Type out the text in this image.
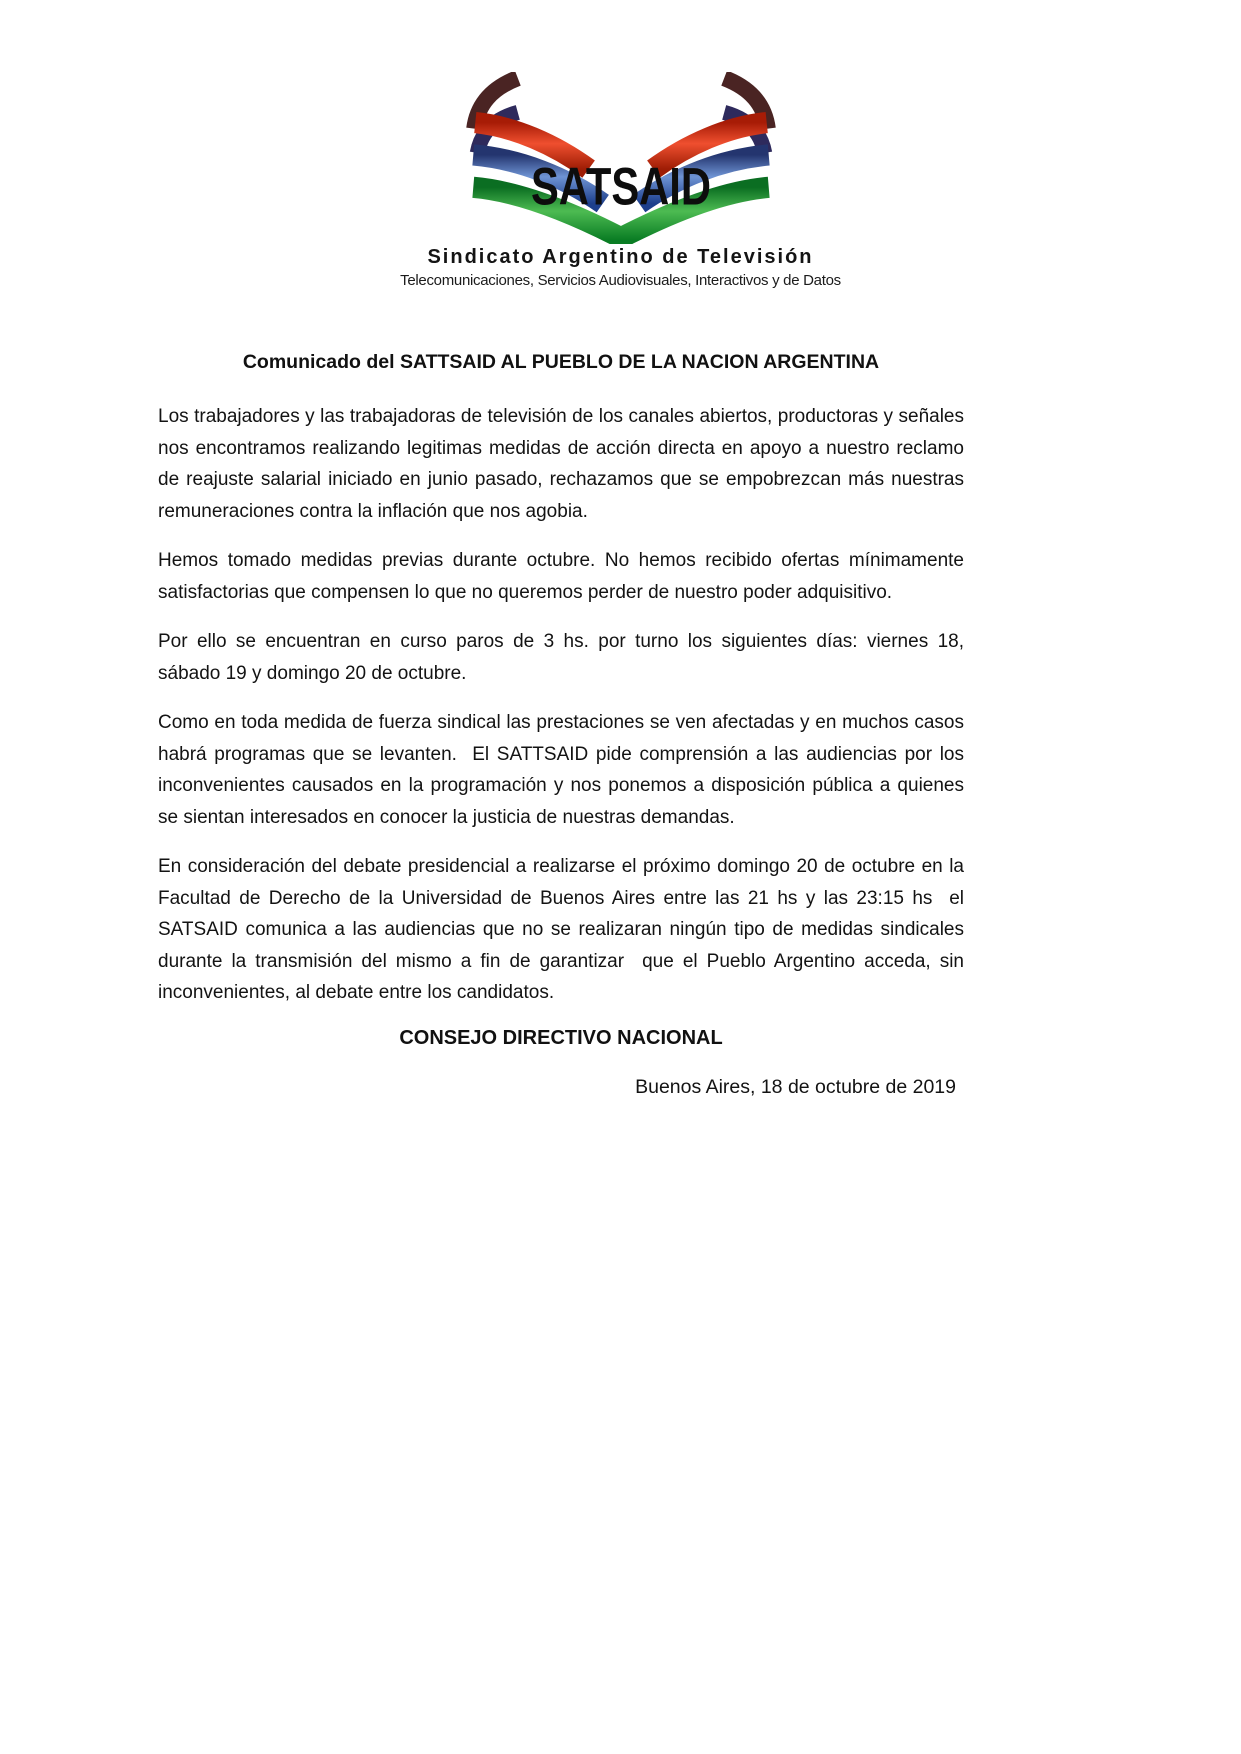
SATSAID
Sindicato Argentino de Televisión
Telecomunicaciones, Servicios Audiovisuales, Interactivos y de Datos
Comunicado del SATTSAID AL PUEBLO DE LA NACION ARGENTINA

Los trabajadores y las trabajadoras de televisión de los canales abiertos, productoras y señales nos encontramos realizando legitimas medidas de acción directa en apoyo a nuestro reclamo de reajuste salarial iniciado en junio pasado, rechazamos que se empobrezcan más nuestras remuneraciones contra la inflación que nos agobia.

Hemos tomado medidas previas durante octubre. No hemos recibido ofertas mínimamente satisfactorias que compensen lo que no queremos perder de nuestro poder adquisitivo.

Por ello se encuentran en curso paros de 3 hs. por turno los siguientes días: viernes 18, sábado 19 y domingo 20 de octubre.

Como en toda medida de fuerza sindical las prestaciones se ven afectadas y en muchos casos habrá programas que se levanten.  El SATTSAID pide comprensión a las audiencias por los inconvenientes causados en la programación y nos ponemos a disposición pública a quienes se sientan interesados en conocer la justicia de nuestras demandas.

En consideración del debate presidencial a realizarse el próximo domingo 20 de octubre en la Facultad de Derecho de la Universidad de Buenos Aires entre las 21 hs y las 23:15 hs  el SATSAID comunica a las audiencias que no se realizaran ningún tipo de medidas sindicales durante la transmisión del mismo a fin de garantizar  que el Pueblo Argentino acceda, sin inconvenientes, al debate entre los candidatos.

CONSEJO DIRECTIVO NACIONAL
Buenos Aires, 18 de octubre de 2019
